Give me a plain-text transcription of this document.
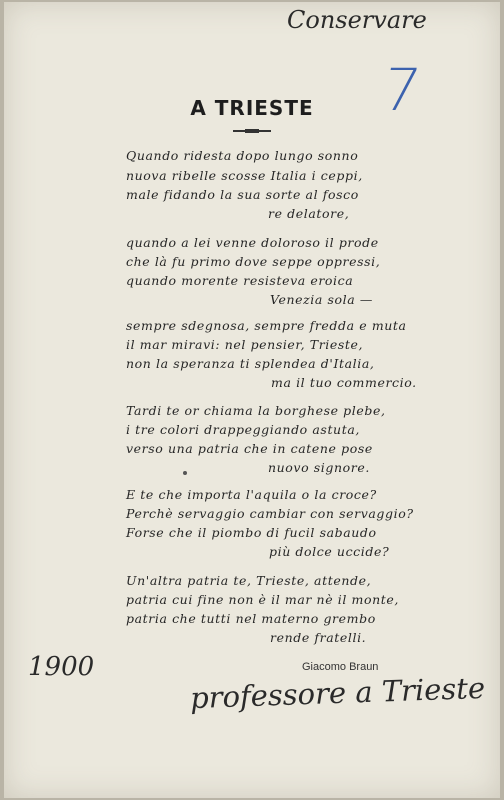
Conservare
7
A TRIESTE
Quando ridesta dopo lungo sonno
nuova ribelle scosse Italia i ceppi,
male fidando la sua sorte al fosco
re delatore,
quando a lei venne doloroso il prode
che là fu primo dove seppe oppressi,
quando morente resisteva eroica
Venezia sola —
sempre sdegnosa, sempre fredda e muta
il mar miravi: nel pensier, Trieste,
non la speranza ti splendea d'Italia,
ma il tuo commercio.
Tardi te or chiama la borghese plebe,
i tre colori drappeggiando astuta,
verso una patria che in catene pose
nuovo signore.
E te che importa l'aquila o la croce?
Perchè servaggio cambiar con servaggio?
Forse che il piombo di fucil sabaudo
più dolce uccide?
Un'altra patria te, Trieste, attende,
patria cui fine non è il mar nè il monte,
patria che tutti nel materno grembo
rende fratelli.
Giacomo Braun
1900
professore a Trieste
